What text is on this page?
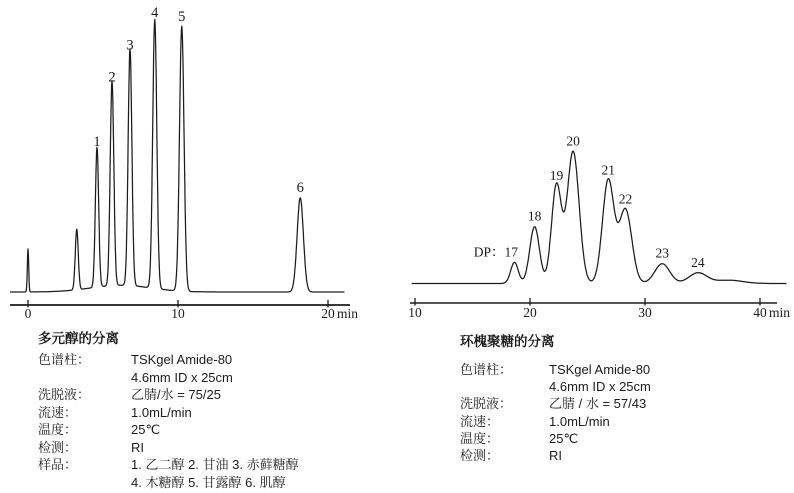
0	10	20 min
1
2
3
4 5
6
10	20	30	40 min
DP：17
18
19
20
21
22
23
24
多元醇的分离
色谱柱：	TSKgel Amide-80
4.6mm ID x 25cm
洗脱液：	乙腈/水 = 75/25
流速：	1.0mL/min
温度：	25℃
检测：	RI
样品：	1. 乙二醇 2. 甘油 3. 赤藓糖醇
4. 木糖醇 5. 甘露醇 6. 肌醇
环槐聚糖的分离
色谱柱：	TSKgel Amide-80
4.6mm ID x 25cm
洗脱液：	乙腈 / 水 = 57/43
流速：	1.0mL/min
温度：	25℃
检测：	RI
